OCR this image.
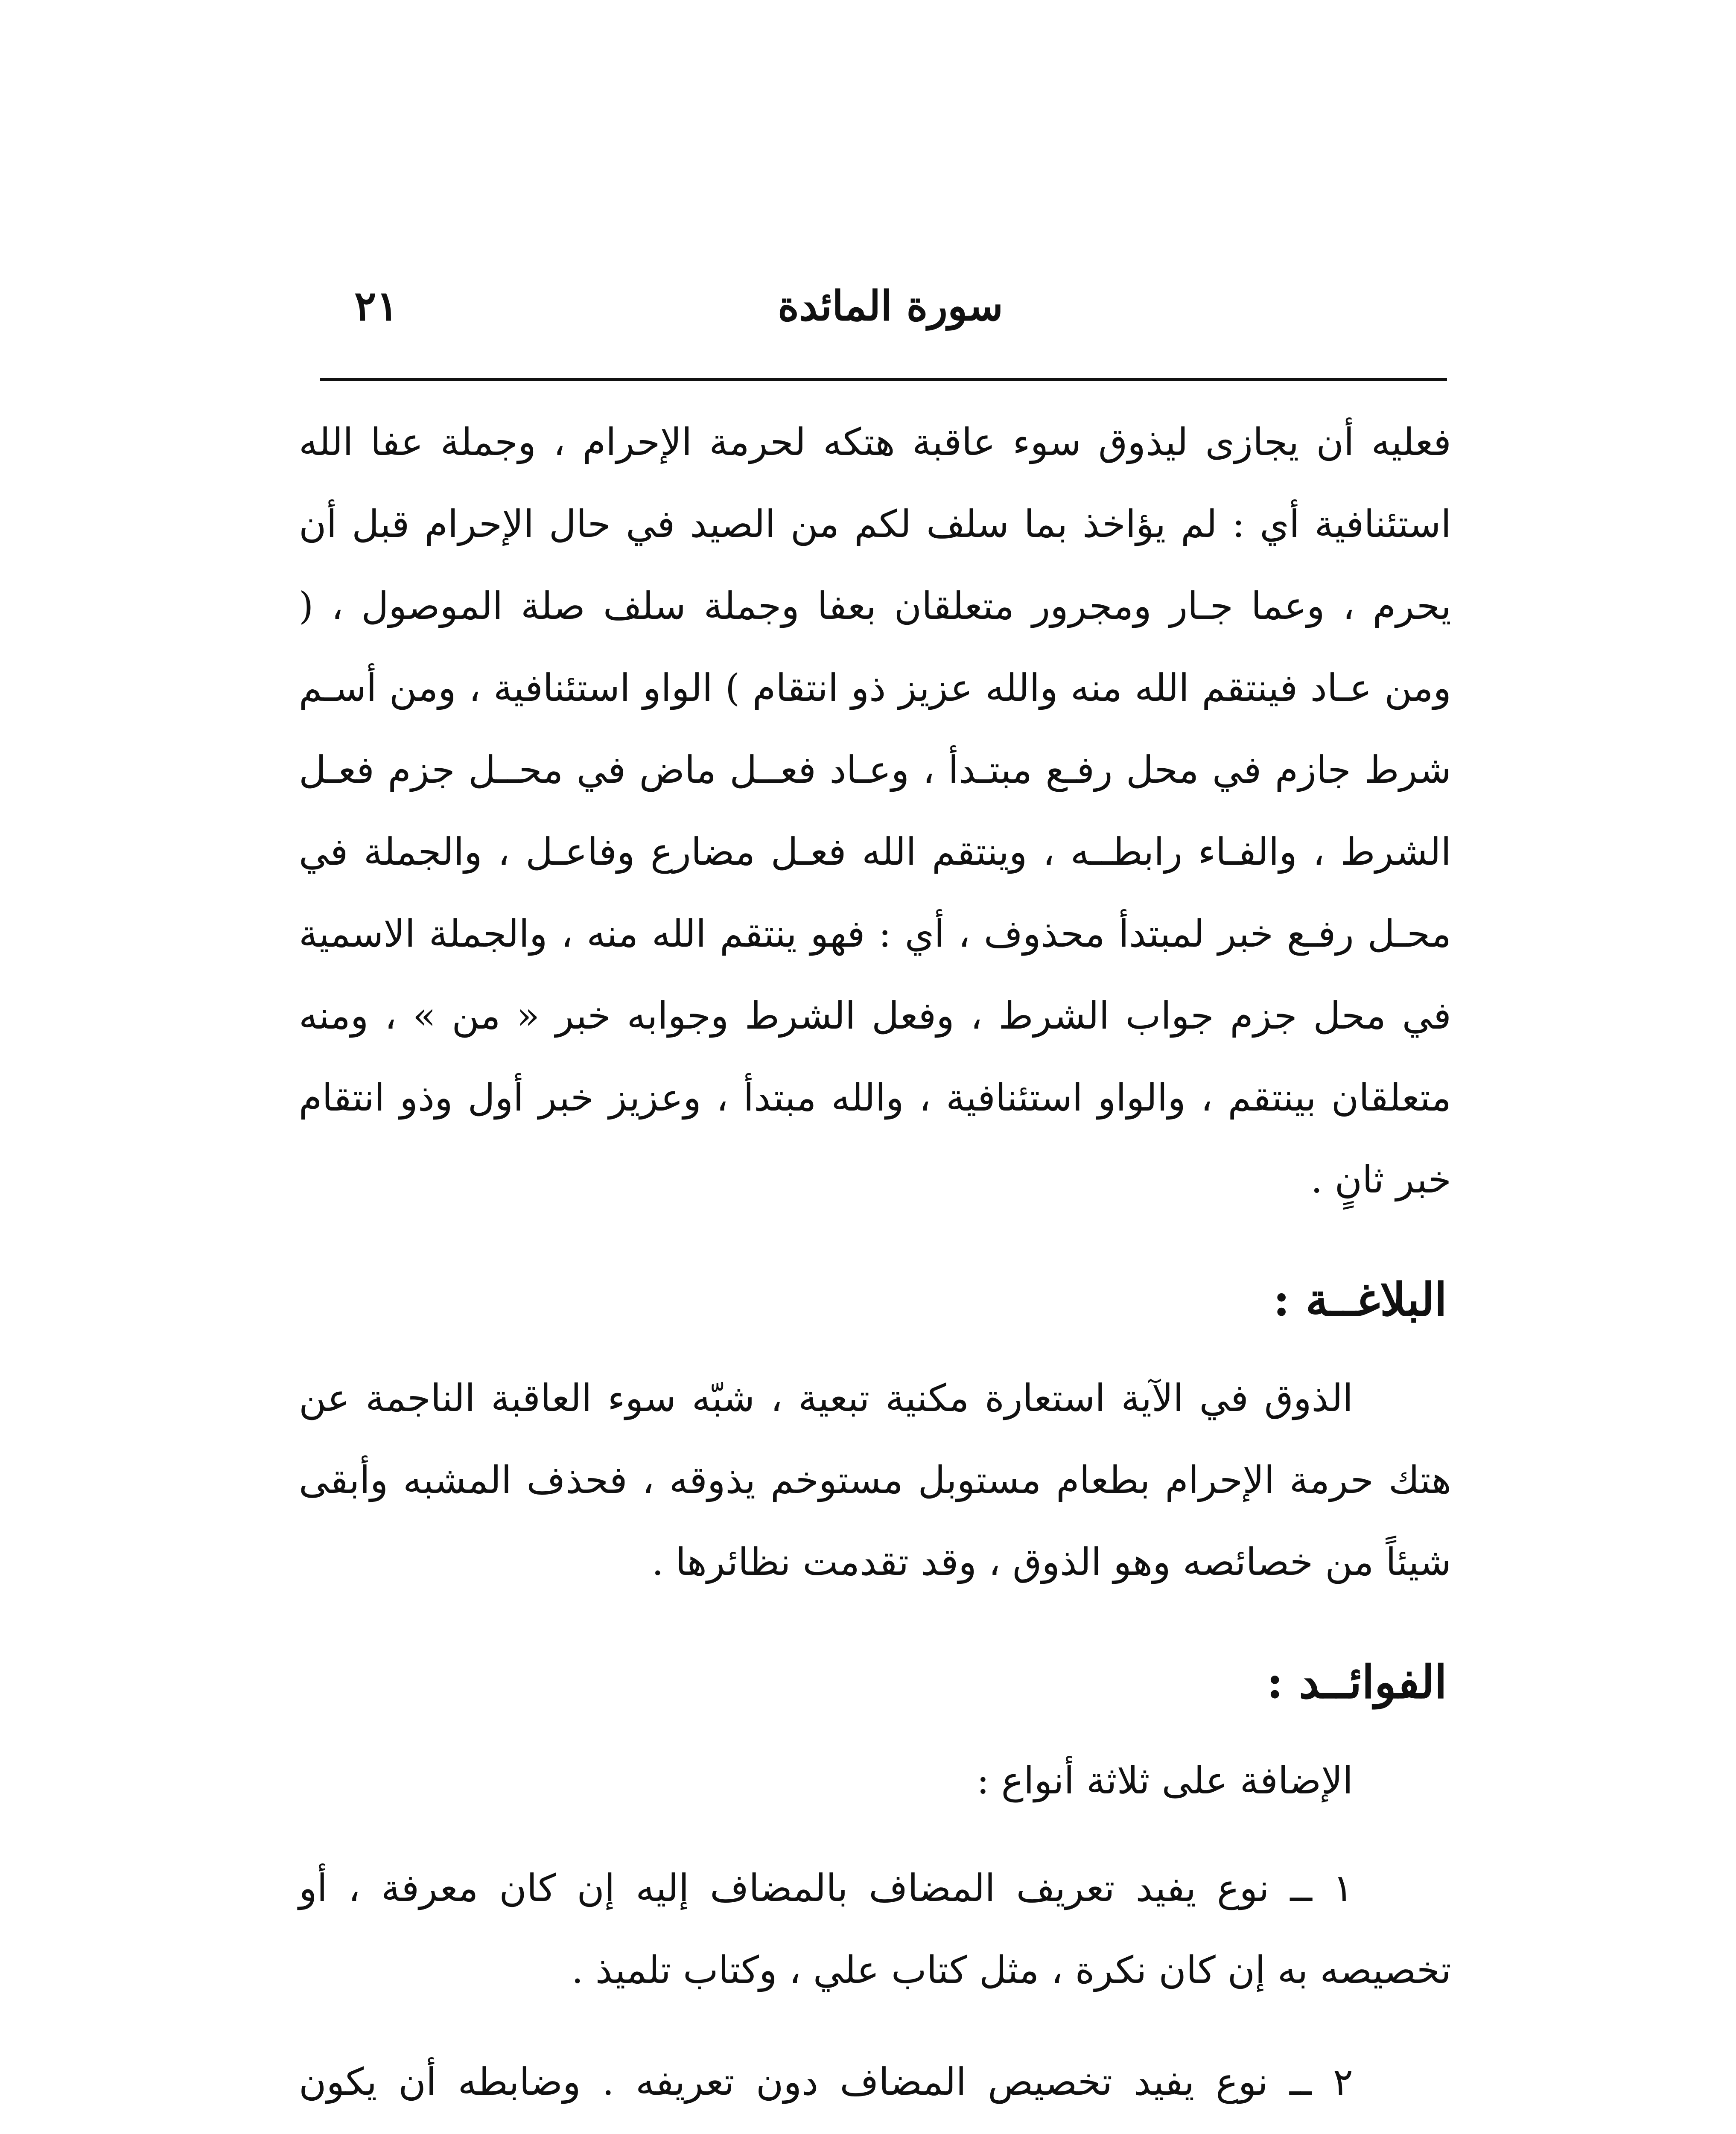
سورة المائدة
٢١

فعليه أن يجازى ليذوق سوء عاقبة هتكه لحرمة الإحرام ، وجملة عفا الله استئنافية أي : لم يؤاخذ بما سلف لكم من الصيد في حال الإحرام قبل أن يحرم ، وعما جـار ومجرور متعلقان بعفا وجملة سلف صلة الموصول ، ( ومن عـاد فينتقم الله منه والله عزيز ذو انتقام ) الواو استئنافية ، ومن أسـم شرط جازم في محل رفـع مبتـدأ ، وعـاد فعــل ماض في محــل جزم فعـل الشرط ، والفـاء رابطــه ، وينتقم الله فعـل مضارع وفاعـل ، والجملة في محـل رفـع خبر لمبتدأ محذوف ، أي : فهو ينتقم الله منه ، والجملة الاسمية في محل جزم جواب الشرط ، وفعل الشرط وجوابه خبر « من » ، ومنه متعلقان بينتقم ، والواو استئنافية ، والله مبتدأ ، وعزيز خبر أول وذو انتقام خبر ثانٍ .

البلاغــة :

الذوق في الآية استعارة مكنية تبعية ، شبّه سوء العاقبة الناجمة عن هتك حرمة الإحرام بطعام مستوبل مستوخم يذوقه ، فحذف المشبه وأبقى شيئاً من خصائصه وهو الذوق ، وقد تقدمت نظائرها .

الفوائــد :

الإضافة على ثلاثة أنواع :

١ ــ نوع يفيد تعريف المضاف بالمضاف إليه إن كان معرفة ، أو تخصيصه به إن كان نكرة ، مثل كتاب علي ، وكتاب تلميذ .

٢ ــ نوع يفيد تخصيص المضاف دون تعريفه . وضابطه أن يكون
